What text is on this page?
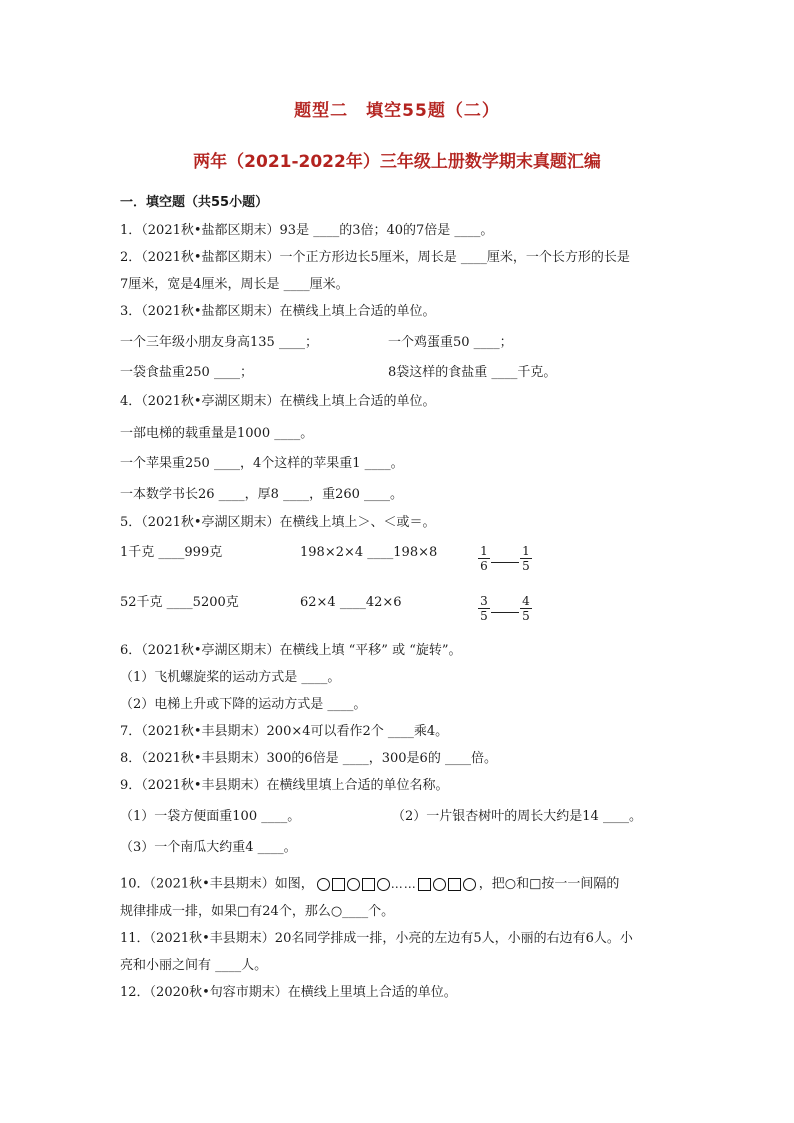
题型二　填空55题（二）
两年（2021-2022年）三年级上册数学期末真题汇编
一．填空题（共55小题）
1．（2021秋•盐都区期末）93是 ____的3倍；40的7倍是 ____。
2．（2021秋•盐都区期末）一个正方形边长5厘米，周长是 ____厘米，一个长方形的长是
7厘米，宽是4厘米，周长是 ____厘米。
3．（2021秋•盐都区期末）在横线上填上合适的单位。
一个三年级小朋友身高135 ____；	一个鸡蛋重50 ____；
一袋食盐重250 ____；	8袋这样的食盐重 ____千克。
4．（2021秋•亭湖区期末）在横线上填上合适的单位。
一部电梯的载重量是1000 ____。
一个苹果重250 ____，4个这样的苹果重1 ____。
一本数学书长26 ____，厚8 ____，重260 ____。
5．（2021秋•亭湖区期末）在横线上填上＞、＜或＝。
1千克 ____999克	198×2×4 ____198×8	$\frac{1}{6}$	$\frac{1}{5}$
52千克 ____5200克	62×4 ____42×6	$\frac{3}{5}$	$\frac{4}{5}$
6．（2021秋•亭湖区期末）在横线上填 “平移” 或 “旋转”。
（1）飞机螺旋桨的运动方式是 ____。
（2）电梯上升或下降的运动方式是 ____。
7．（2021秋•丰县期末）200×4可以看作2个 ____乘4。
8．（2021秋•丰县期末）300的6倍是 ____，300是6的 ____倍。
9．（2021秋•丰县期末）在横线里填上合适的单位名称。
（1）一袋方便面重100 ____。	（2）一片银杏树叶的周长大约是14 ____。
（3）一个南瓜大约重4 ____。
10．（2021秋•丰县期末）如图，	……	，把○和□按一一间隔的
规律排成一排，如果□有24个，那么○____个。
11．（2021秋•丰县期末）20名同学排成一排，小亮的左边有5人，小丽的右边有6人。小
亮和小丽之间有 ____人。
12．（2020秋•句容市期末）在横线上里填上合适的单位。
